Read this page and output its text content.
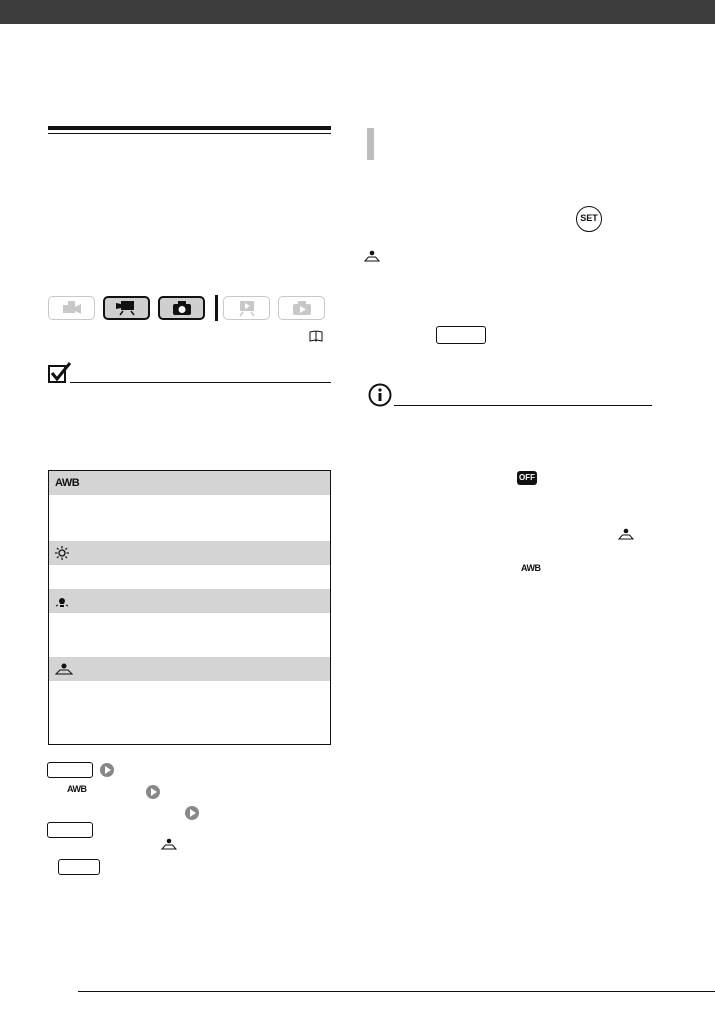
AWB

AWB
SET
OFF
AWB
